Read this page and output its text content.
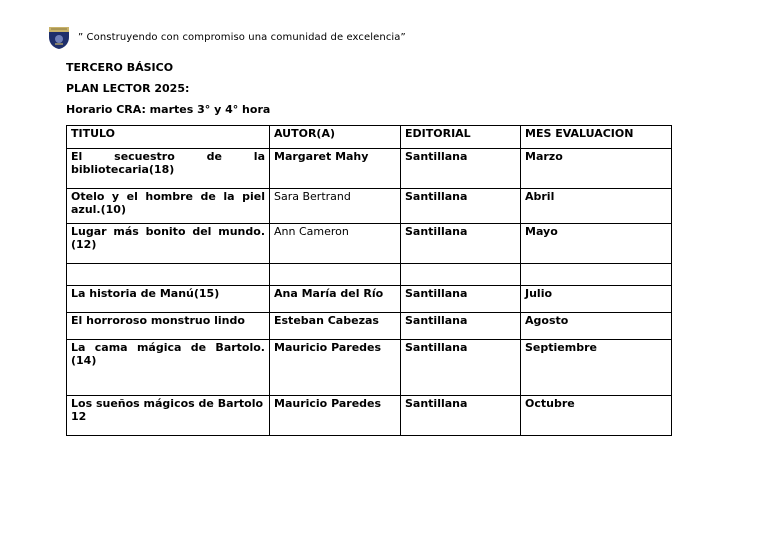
” Construyendo con compromiso una comunidad de excelencia”
TERCERO BÁSICO
PLAN LECTOR 2025:
Horario CRA: martes 3° y 4° hora
TITULO	AUTOR(A)	EDITORIAL	MES EVALUACION
El secuestro de la bibliotecaria(18)	Margaret Mahy	Santillana	Marzo
Otelo y el hombre de la piel azul.(10)	Sara Bertrand	Santillana	Abril
Lugar más bonito del mundo. (12)	Ann Cameron	Santillana	Mayo

La historia de Manú(15)	Ana María del Río	Santillana	Julio
El horroroso monstruo lindo	Esteban Cabezas	Santillana	Agosto
La cama mágica de Bartolo. (14)	Mauricio Paredes	Santillana	Septiembre
Los sueños mágicos de Bartolo 12	Mauricio Paredes	Santillana	Octubre
